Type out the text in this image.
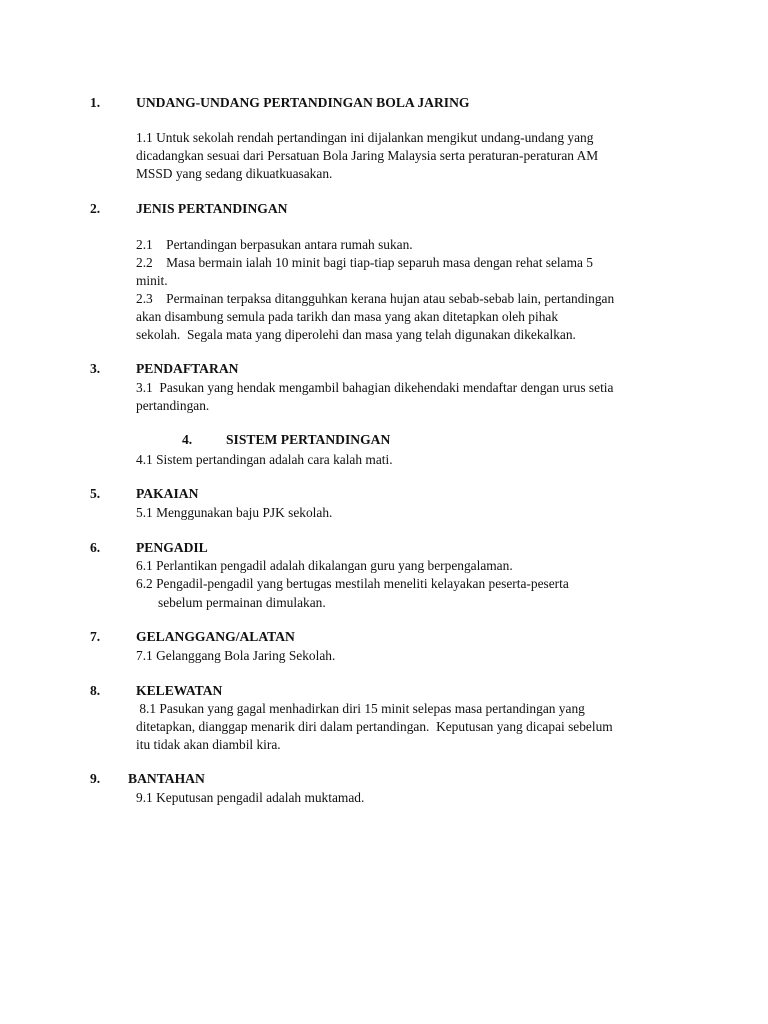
1.	UNDANG-UNDANG PERTANDINGAN BOLA JARING
1.1 Untuk sekolah rendah pertandingan ini dijalankan mengikut undang-undang yang
dicadangkan sesuai dari Persatuan Bola Jaring Malaysia serta peraturan-peraturan AM
MSSD yang sedang dikuatkuasakan.
2.	JENIS PERTANDINGAN
2.1    Pertandingan berpasukan antara rumah sukan.
2.2    Masa bermain ialah 10 minit bagi tiap-tiap separuh masa dengan rehat selama 5
minit.
2.3    Permainan terpaksa ditangguhkan kerana hujan atau sebab-sebab lain, pertandingan
akan disambung semula pada tarikh dan masa yang akan ditetapkan oleh pihak
sekolah.  Segala mata yang diperolehi dan masa yang telah digunakan dikekalkan.
3.	PENDAFTARAN
3.1  Pasukan yang hendak mengambil bahagian dikehendaki mendaftar dengan urus setia
pertandingan.
4. SISTEM PERTANDINGAN
4.1 Sistem pertandingan adalah cara kalah mati.
5.	PAKAIAN
5.1 Menggunakan baju PJK sekolah.
6.	PENGADIL
6.1 Perlantikan pengadil adalah dikalangan guru yang berpengalaman.
6.2 Pengadil-pengadil yang bertugas mestilah meneliti kelayakan peserta-peserta
sebelum permainan dimulakan.
7.	GELANGGANG/ALATAN
7.1 Gelanggang Bola Jaring Sekolah.
8.	KELEWATAN
8.1 Pasukan yang gagal menhadirkan diri 15 minit selepas masa pertandingan yang
ditetapkan, dianggap menarik diri dalam pertandingan.  Keputusan yang dicapai sebelum
itu tidak akan diambil kira.
9. BANTAHAN
9.1 Keputusan pengadil adalah muktamad.
